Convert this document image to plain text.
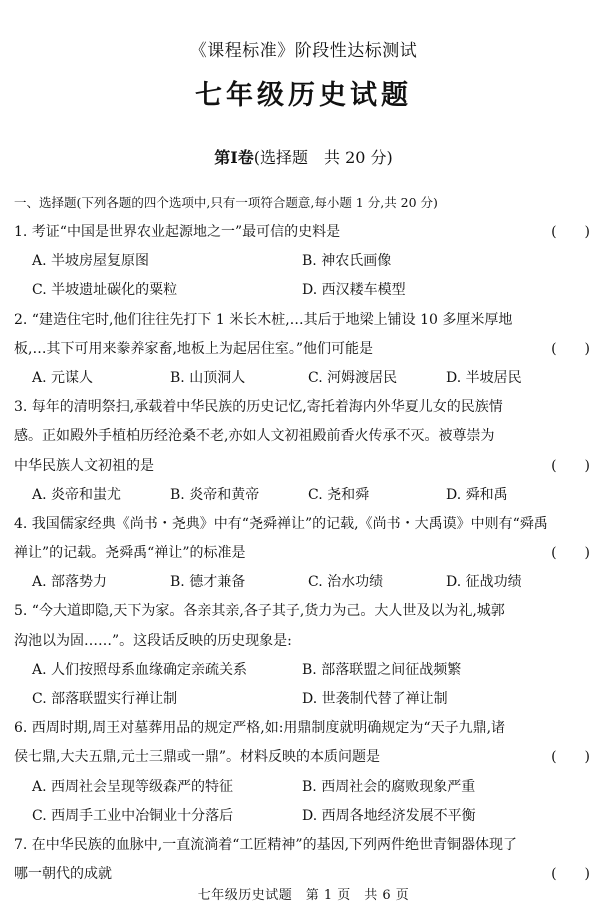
《课程标准》阶段性达标测试
七年级历史试题
第Ⅰ卷(选择题　共 20 分)
一、选择题(下列各题的四个选项中,只有一项符合题意,每小题 1 分,共 20 分)
1. 考证“中国是世界农业起源地之一”最可信的史料是	(　　)
A. 半坡房屋复原图	B. 神农氏画像
C. 半坡遗址碳化的粟粒	D. 西汉耧车模型
2. “建造住宅时,他们往往先打下 1 米长木桩,…其后于地梁上铺设 10 多厘米厚地
板,…其下可用来豢养家畜,地板上为起居住室。”他们可能是	(　　)
A. 元谋人	B. 山顶洞人	C. 河姆渡居民	D. 半坡居民
3. 每年的清明祭扫,承载着中华民族的历史记忆,寄托着海内外华夏儿女的民族情
感。正如殿外手植柏历经沧桑不老,亦如人文初祖殿前香火传承不灭。被尊崇为
中华民族人文初祖的是	(　　)
A. 炎帝和蚩尤	B. 炎帝和黄帝	C. 尧和舜	D. 舜和禹
4. 我国儒家经典《尚书・尧典》中有“尧舜禅让”的记载,《尚书・大禹谟》中则有“舜禹
禅让”的记载。尧舜禹“禅让”的标准是	(　　)
A. 部落势力	B. 德才兼备	C. 治水功绩	D. 征战功绩
5. “今大道即隐,天下为家。各亲其亲,各子其子,货力为己。大人世及以为礼,城郭
沟池以为固……”。这段话反映的历史现象是:
A. 人们按照母系血缘确定亲疏关系	B. 部落联盟之间征战频繁
C. 部落联盟实行禅让制	D. 世袭制代替了禅让制
6. 西周时期,周王对墓葬用品的规定严格,如:用鼎制度就明确规定为“天子九鼎,诸
侯七鼎,大夫五鼎,元士三鼎或一鼎”。材料反映的本质问题是	(　　)
A. 西周社会呈现等级森严的特征	B. 西周社会的腐败现象严重
C. 西周手工业中冶铜业十分落后	D. 西周各地经济发展不平衡
7. 在中华民族的血脉中,一直流淌着“工匠精神”的基因,下列两件绝世青铜器体现了
哪一朝代的成就	(　　)
七年级历史试题　第 1 页　共 6 页
